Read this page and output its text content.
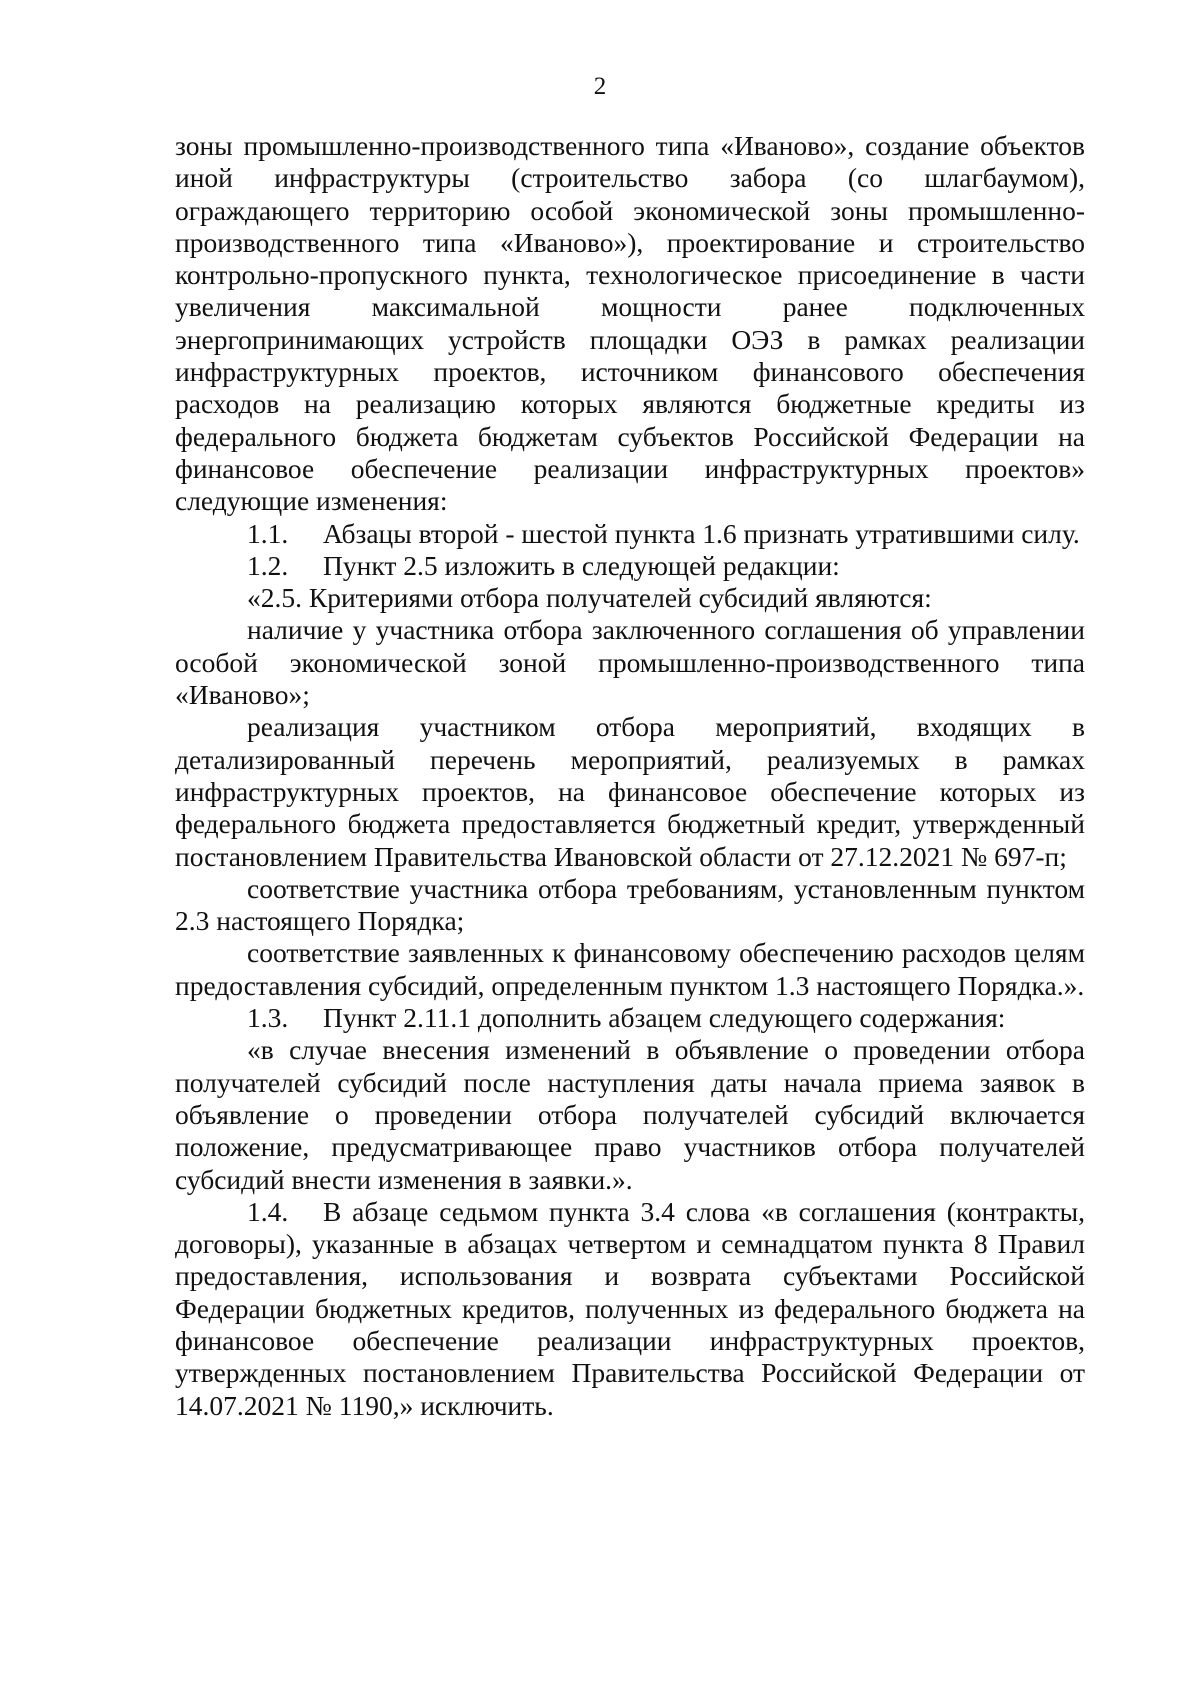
2

зоны промышленно-производственного типа «Иваново», создание объектов иной инфраструктуры (строительство забора (со шлагбаумом), ограждающего территорию особой экономической зоны промышленно-производственного типа «Иваново»), проектирование и строительство контрольно-пропускного пункта, технологическое присоединение в части увеличения максимальной мощности ранее подключенных энергопринимающих устройств площадки ОЭЗ в рамках реализации инфраструктурных проектов, источником финансового обеспечения расходов на реализацию которых являются бюджетные кредиты из федерального бюджета бюджетам субъектов Российской Федерации на финансовое обеспечение реализации инфраструктурных проектов» следующие изменения:

1.1. Абзацы второй - шестой пункта 1.6 признать утратившими силу.

1.2. Пункт 2.5 изложить в следующей редакции:

«2.5. Критериями отбора получателей субсидий являются:

наличие у участника отбора заключенного соглашения об управлении особой экономической зоной промышленно-производственного типа «Иваново»;

реализация участником отбора мероприятий, входящих в детализированный перечень мероприятий, реализуемых в рамках инфраструктурных проектов, на финансовое обеспечение которых из федерального бюджета предоставляется бюджетный кредит, утвержденный постановлением Правительства Ивановской области от 27.12.2021 № 697-п;

соответствие участника отбора требованиям, установленным пунктом 2.3 настоящего Порядка;

соответствие заявленных к финансовому обеспечению расходов целям предоставления субсидий, определенным пунктом 1.3 настоящего Порядка.».

1.3. Пункт 2.11.1 дополнить абзацем следующего содержания:

«в случае внесения изменений в объявление о проведении отбора получателей субсидий после наступления даты начала приема заявок в объявление о проведении отбора получателей субсидий включается положение, предусматривающее право участников отбора получателей субсидий внести изменения в заявки.».

1.4. В абзаце седьмом пункта 3.4 слова «в соглашения (контракты, договоры), указанные в абзацах четвертом и семнадцатом пункта 8 Правил предоставления, использования и возврата субъектами Российской Федерации бюджетных кредитов, полученных из федерального бюджета на финансовое обеспечение реализации инфраструктурных проектов, утвержденных постановлением Правительства Российской Федерации от 14.07.2021 № 1190,» исключить.
